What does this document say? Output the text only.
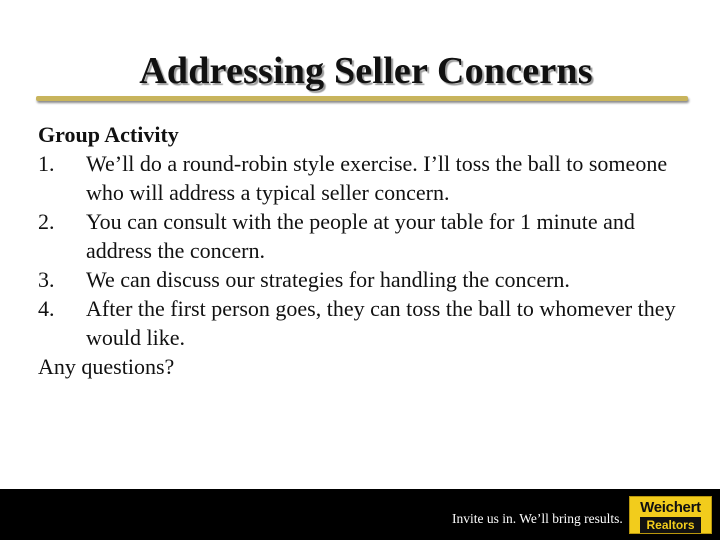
Addressing Seller Concerns
Group Activity
1. We’ll do a round-robin style exercise. I’ll toss the ball to someone who will address a typical seller concern.
2. You can consult with the people at your table for 1 minute and address the concern.
3. We can discuss our strategies for handling the concern.
4. After the first person goes, they can toss the ball to whomever they would like.
Any questions?
Invite us in. We’ll bring results.
Weichert
Realtors
